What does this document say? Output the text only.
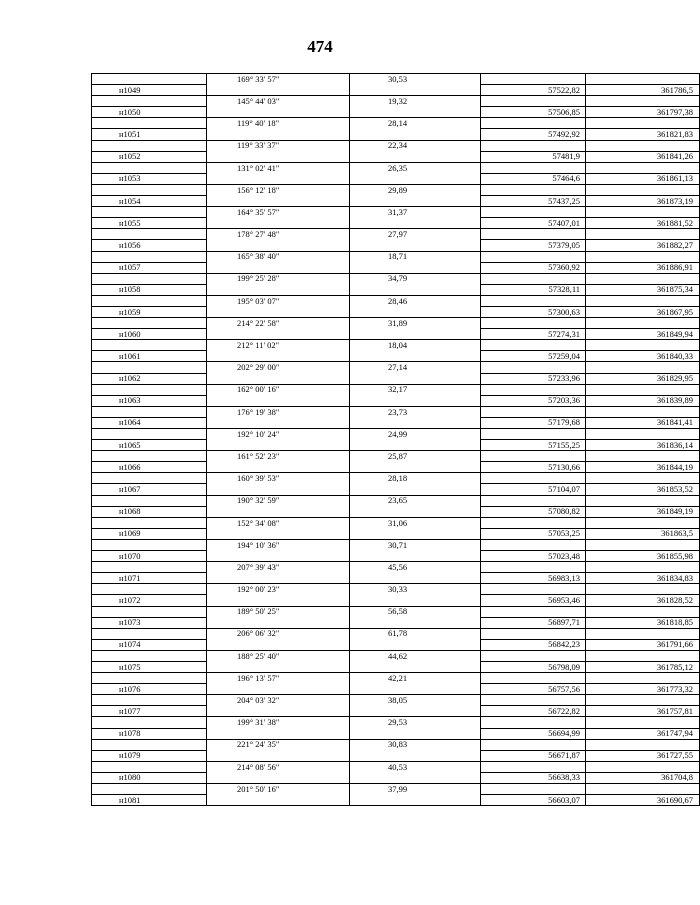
474
	169° 33' 57"	30,53		
н1049			57522,82	361786,5
	145° 44' 03"	19,32		
н1050			57506,85	361797,38
	119° 40' 18"	28,14		
н1051			57492,92	361821,83
	119° 33' 37"	22,34		
н1052			57481,9	361841,26
	131° 02' 41"	26,35		
н1053			57464,6	361861,13
	156° 12' 18"	29,89		
н1054			57437,25	361873,19
	164° 35' 57"	31,37		
н1055			57407,01	361881,52
	178° 27' 48"	27,97		
н1056			57379,05	361882,27
	165° 38' 40"	18,71		
н1057			57360,92	361886,91
	199° 25' 28"	34,79		
н1058			57328,11	361875,34
	195° 03' 07"	28,46		
н1059			57300,63	361867,95
	214° 22' 58"	31,89		
н1060			57274,31	361849,94
	212° 11' 02"	18,04		
н1061			57259,04	361840,33
	202° 29' 00"	27,14		
н1062			57233,96	361829,95
	162° 00' 16"	32,17		
н1063			57203,36	361839,89
	176° 19' 38"	23,73		
н1064			57179,68	361841,41
	192° 10' 24"	24,99		
н1065			57155,25	361836,14
	161° 52' 23"	25,87		
н1066			57130,66	361844,19
	160° 39' 53"	28,18		
н1067			57104,07	361853,52
	190° 32' 59"	23,65		
н1068			57080,82	361849,19
	152° 34' 08"	31,06		
н1069			57053,25	361863,5
	194° 10' 36"	30,71		
н1070			57023,48	361855,98
	207° 39' 43"	45,56		
н1071			56983,13	361834,83
	192° 00' 23"	30,33		
н1072			56953,46	361828,52
	189° 50' 25"	56,58		
н1073			56897,71	361818,85
	206° 06' 32"	61,78		
н1074			56842,23	361791,66
	188° 25' 40"	44,62		
н1075			56798,09	361785,12
	196° 13' 57"	42,21		
н1076			56757,56	361773,32
	204° 03' 32"	38,05		
н1077			56722,82	361757,81
	199° 31' 38"	29,53		
н1078			56694,99	361747,94
	221° 24' 35"	30,83		
н1079			56671,87	361727,55
	214° 08' 56"	40,53		
н1080			56638,33	361704,8
	201° 50' 16"	37,99		
н1081			56603,07	361690,67
